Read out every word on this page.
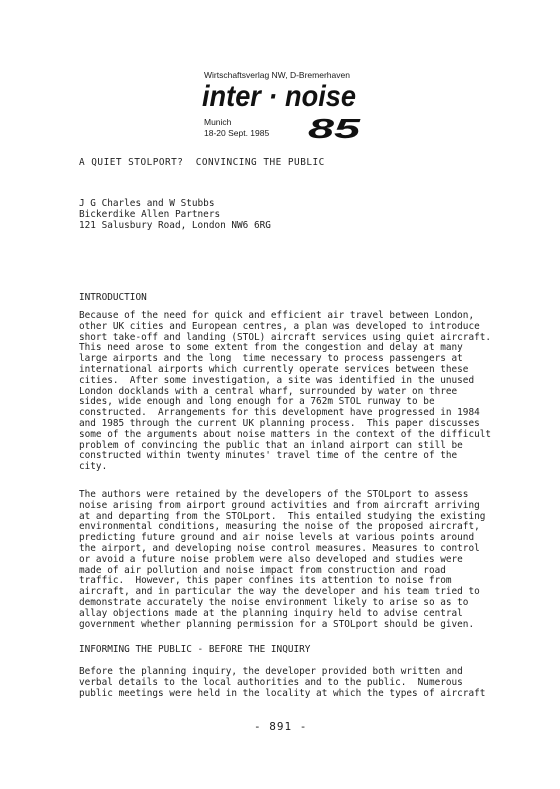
Wirtschaftsverlag NW, D-Bremerhaven
inter · noise
Munich
18-20 Sept. 1985 85
A QUIET STOLPORT?  CONVINCING THE PUBLIC
J G Charles and W Stubbs
Bickerdike Allen Partners
121 Salusbury Road, London NW6 6RG
INTRODUCTION
Because of the need for quick and efficient air travel between London,
other UK cities and European centres, a plan was developed to introduce
short take-off and landing (STOL) aircraft services using quiet aircraft.
This need arose to some extent from the congestion and delay at many
large airports and the long  time necessary to process passengers at
international airports which currently operate services between these
cities.  After some investigation, a site was identified in the unused
London docklands with a central wharf, surrounded by water on three
sides, wide enough and long enough for a 762m STOL runway to be
constructed.  Arrangements for this development have progressed in 1984
and 1985 through the current UK planning process.  This paper discusses
some of the arguments about noise matters in the context of the difficult
problem of convincing the public that an inland airport can still be
constructed within twenty minutes' travel time of the centre of the
city.
The authors were retained by the developers of the STOLport to assess
noise arising from airport ground activities and from aircraft arriving
at and departing from the STOLport.  This entailed studying the existing
environmental conditions, measuring the noise of the proposed aircraft,
predicting future ground and air noise levels at various points around
the airport, and developing noise control measures. Measures to control
or avoid a future noise problem were also developed and studies were
made of air pollution and noise impact from construction and road
traffic.  However, this paper confines its attention to noise from
aircraft, and in particular the way the developer and his team tried to
demonstrate accurately the noise environment likely to arise so as to
allay objections made at the planning inquiry held to advise central
government whether planning permission for a STOLport should be given.
INFORMING THE PUBLIC - BEFORE THE INQUIRY
Before the planning inquiry, the developer provided both written and
verbal details to the local authorities and to the public.  Numerous
public meetings were held in the locality at which the types of aircraft
- 891 -
